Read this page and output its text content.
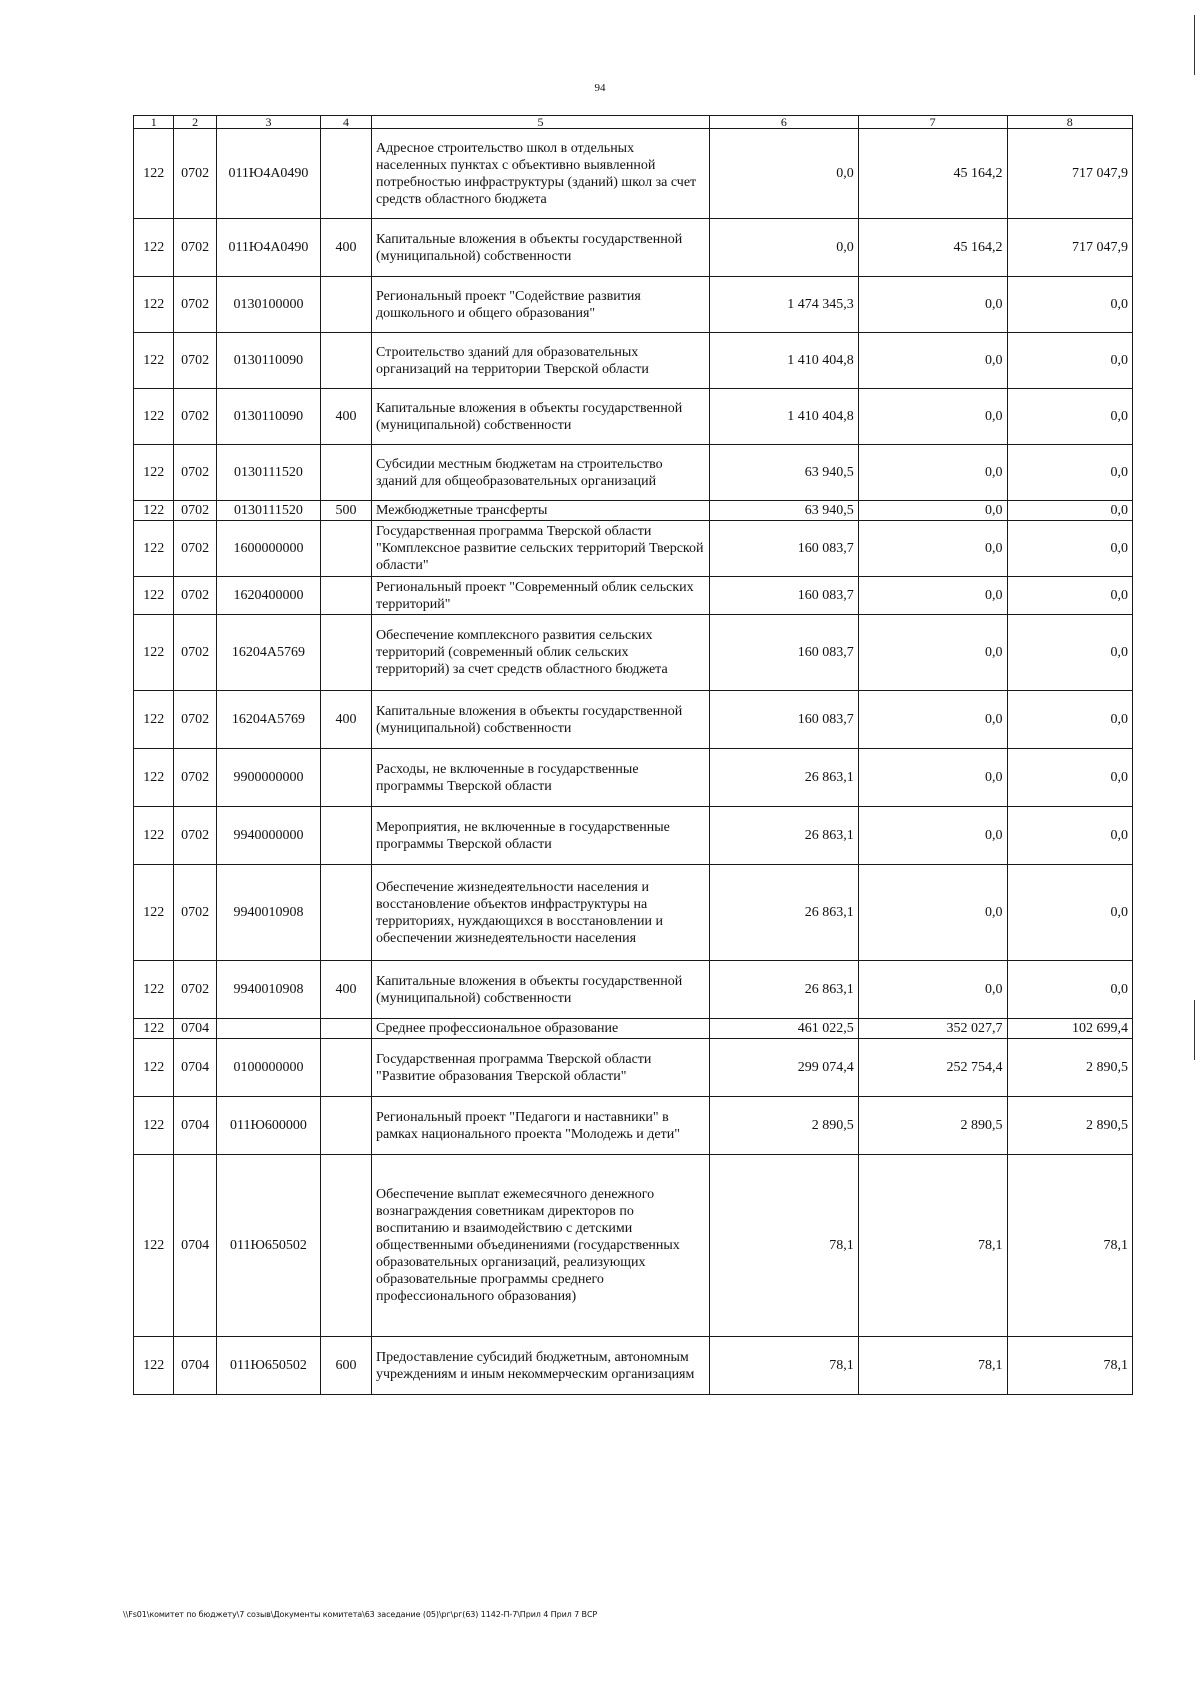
94
1	2	3	4	5	6	7	8
122	0702	011Ю4А0490		Адресное строительство школ в отдельных населенных пунктах с объективно выявленной потребностью инфраструктуры (зданий) школ за счет средств областного бюджета	0,0	45 164,2	717 047,9
122	0702	011Ю4А0490	400	Капитальные вложения в объекты государственной (муниципальной) собственности	0,0	45 164,2	717 047,9
122	0702	0130100000		Региональный проект "Содействие развития дошкольного и общего образования"	1 474 345,3	0,0	0,0
122	0702	0130110090		Строительство зданий для образовательных организаций на территории Тверской области	1 410 404,8	0,0	0,0
122	0702	0130110090	400	Капитальные вложения в объекты государственной (муниципальной) собственности	1 410 404,8	0,0	0,0
122	0702	0130111520		Субсидии местным бюджетам на строительство зданий для общеобразовательных организаций	63 940,5	0,0	0,0
122	0702	0130111520	500	Межбюджетные трансферты	63 940,5	0,0	0,0
122	0702	1600000000		Государственная программа Тверской области "Комплексное развитие сельских территорий Тверской области"	160 083,7	0,0	0,0
122	0702	1620400000		Региональный проект "Современный облик сельских территорий"	160 083,7	0,0	0,0
122	0702	16204А5769		Обеспечение комплексного развития сельских территорий (современный облик сельских территорий) за счет средств областного бюджета	160 083,7	0,0	0,0
122	0702	16204А5769	400	Капитальные вложения в объекты государственной (муниципальной) собственности	160 083,7	0,0	0,0
122	0702	9900000000		Расходы, не включенные в государственные программы Тверской области	26 863,1	0,0	0,0
122	0702	9940000000		Мероприятия, не включенные в государственные программы Тверской области	26 863,1	0,0	0,0
122	0702	9940010908		Обеспечение жизнедеятельности населения и восстановление объектов инфраструктуры на территориях, нуждающихся в восстановлении и обеспечении жизнедеятельности населения	26 863,1	0,0	0,0
122	0702	9940010908	400	Капитальные вложения в объекты государственной (муниципальной) собственности	26 863,1	0,0	0,0
122	0704			Среднее профессиональное образование	461 022,5	352 027,7	102 699,4
122	0704	0100000000		Государственная программа Тверской области "Развитие образования Тверской области"	299 074,4	252 754,4	2 890,5
122	0704	011Ю600000		Региональный проект "Педагоги и наставники" в рамках национального проекта "Молодежь и дети"	2 890,5	2 890,5	2 890,5
122	0704	011Ю650502		Обеспечение выплат ежемесячного денежного вознаграждения советникам директоров по воспитанию и взаимодействию с детскими общественными объединениями (государственных образовательных организаций, реализующих образовательные программы среднего профессионального образования)	78,1	78,1	78,1
122	0704	011Ю650502	600	Предоставление субсидий бюджетным, автономным учреждениям и иным некоммерческим организациям	78,1	78,1	78,1
\\Fs01\комитет по бюджету\7 созыв\Документы комитета\63 заседание (05)\рг\рг(63) 1142-П-7\Прил 4 Прил 7 ВСР
